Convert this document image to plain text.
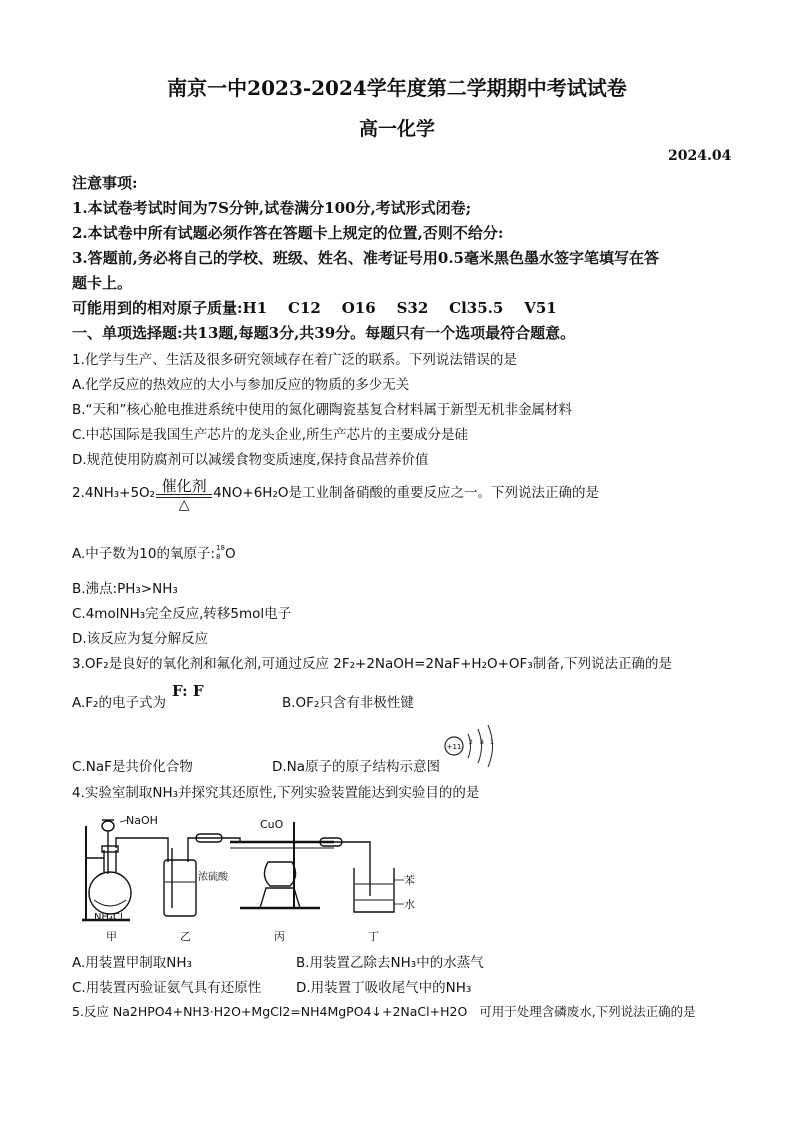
南京一中2023-2024学年度第二学期期中考试试卷
高一化学
2024.04
注意事项:
1.本试卷考试时间为7S分钟,试卷满分100分,考试形式闭卷;
2.本试卷中所有试题必须作答在答题卡上规定的位置,否则不给分:
3.答题前,务必将自己的学校、班级、姓名、准考证号用0.5毫米黑色墨水签字笔填写在答
题卡上。
可能用到的相对原子质量:H1    C12    O16    S32    Cl35.5    V51
一、单项选择题:共13题,每题3分,共39分。每题只有一个选项最符合题意。
1.化学与生产、生活及很多研究领域存在着广泛的联系。下列说法错误的是
A.化学反应的热效应的大小与参加反应的物质的多少无关
B.“天和”核心舱电推进系统中使用的氮化硼陶瓷基复合材料属于新型无机非金属材料
C.中芯国际是我国生产芯片的龙头企业,所生产芯片的主要成分是硅
D.规范使用防腐剂可以减缓食物变质速度,保持食品营养价值
2.4NH₃+5O₂ 催化剂
△
4NO+6H₂O是工业制备硝酸的重要反应之一。下列说法正确的是
A.中子数为10的氧原子: 18
8 O
B.沸点:PH₃>NH₃
C.4molNH₃完全反应,转移5mol电子
D.该反应为复分解反应
3.OF₂是良好的氧化剂和氟化剂,可通过反应 2F₂+2NaOH=2NaF+H₂O+OF₃制备,下列说法正确的是
A.F₂的电子式为
F: F
B.OF₂只含有非极性键
C.NaF是共价化合物	D.Na原子的原子结构示意图
+11
2 8 1
4.实验室制取NH₃并探究其还原性,下列实验装置能达到实验目的的是
NaOH
NH₄Cl
CuO
浓硫酸	苯
水
甲	乙	丙	丁
A.用装置甲制取NH₃	B.用装置乙除去NH₃中的水蒸气
C.用装置丙验证氨气具有还原性	D.用装置丁吸收尾气中的NH₃
5.反应 Na2HPO4+NH3·H2O+MgCl2=NH4MgPO4↓+2NaCl+H2O   可用于处理含磷废水,下列说法正确的是
